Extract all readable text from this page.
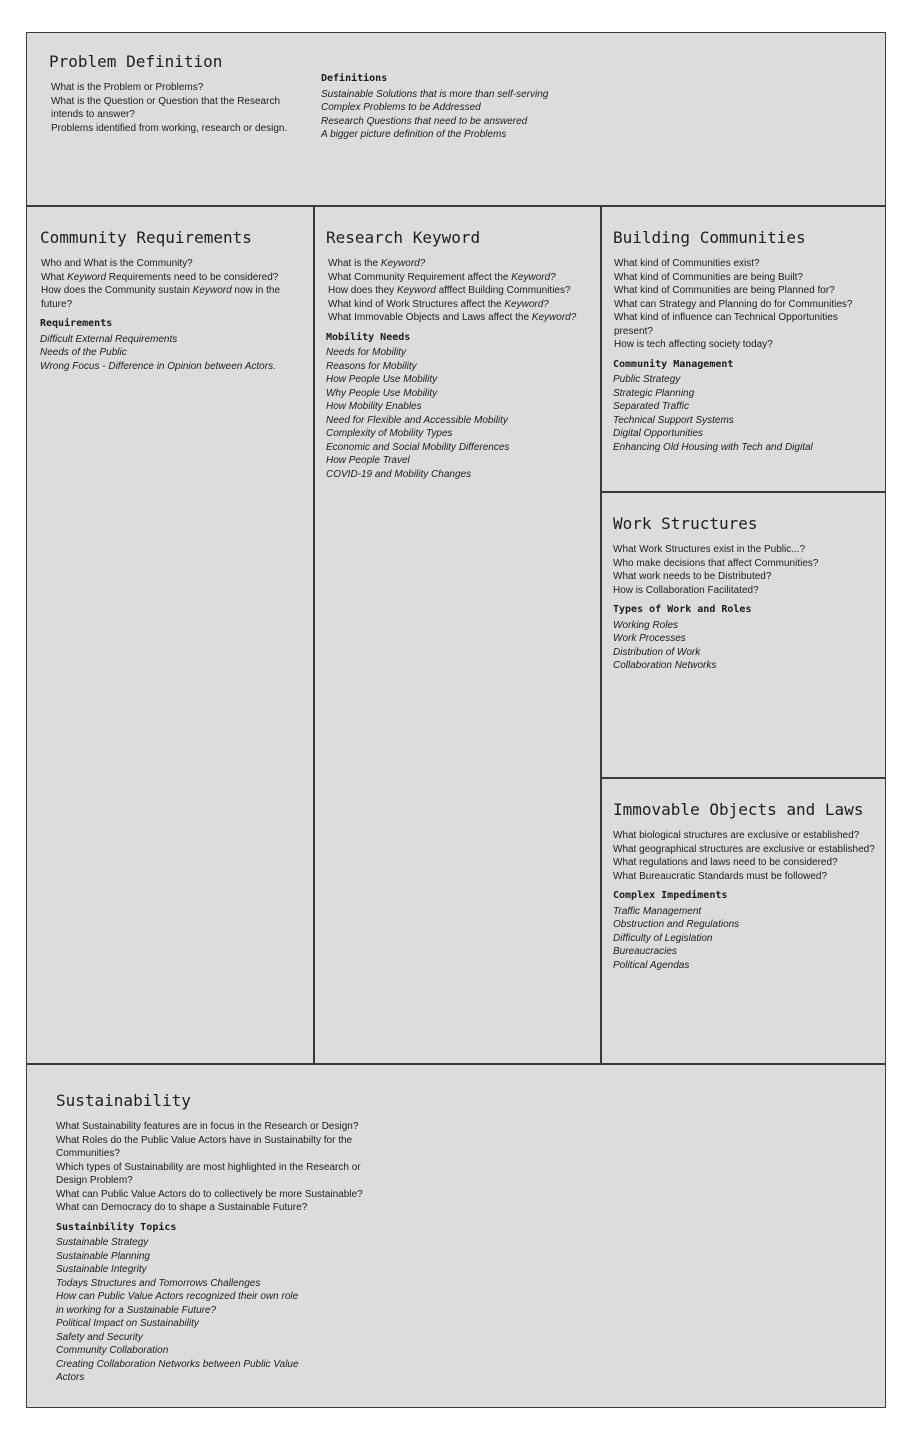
Problem Definition
What is the Problem or Problems?
What is the Question or Question that the Research
intends to answer?
Problems identified from working, research or design.
Definitions
Sustainable Solutions that is more than self-serving
Complex Problems to be Addressed
Research Questions that need to be answered
A bigger picture definition of the Problems
Community Requirements
Who and What is the Community?
What Keyword Requirements need to be considered?
How does the Community sustain Keyword now in the future?
Requirements
Difficult External Requirements
Needs of the Public
Wrong Focus - Difference in Opinion between Actors.
Research Keyword
What is the Keyword?
What Community Requirement affect the Keyword?
How does they Keyword afffect Building Communities?
What kind of Work Structures affect the Keyword?
What Immovable Objects and Laws affect the Keyword?
Mobility Needs
Needs for Mobility
Reasons for Mobility
How People Use Mobility
Why People Use Mobility
How Mobility Enables
Need for Flexible and Accessible Mobility
Complexity of Mobility Types
Economic and Social Mobility Differences
How People Travel
COVID-19 and Mobility Changes
Building Communities
What kind of Communities exist?
What kind of Communities are being Built?
What kind of Communities are being Planned for?
What can Strategy and Planning do for Communities?
What kind of influence can Technical Opportunities present?
How is tech affecting society today?
Community Management
Public Strategy
Strategic Planning
Separated Traffic
Technical Support Systems
Digital Opportunities
Enhancing Old Housing with Tech and Digital
Work Structures
What Work Structures exist in the Public...?
Who make decisions that affect Communities?
What work needs to be Distributed?
How is Collaboration Facilitated?
Types of Work and Roles
Working Roles
Work Processes
Distribution of Work
Collaboration Networks
Immovable Objects and Laws
What biological structures are exclusive or established?
What geographical structures are exclusive or established?
What regulations and laws need to be considered?
What Bureaucratic Standards must be followed?
Complex Impediments
Traffic Management
Obstruction and Regulations
Difficulty of Legislation
Bureaucracies
Political Agendas
Sustainability
What Sustainability features are in focus in the Research or Design?
What Roles do the Public Value Actors have in Sustainabilty for the Communities?
Which types of Sustainability are most highlighted in the Research or Design Problem?
What can Public Value Actors do to collectively be more Sustainable?
What can Democracy do to shape a Sustainable Future?
Sustainbility Topics
Sustainable Strategy
Sustainable Planning
Sustainable Integrity
Todays Structures and Tomorrows Challenges
How can Public Value Actors recognized their own role in working for a Sustainable Future?
Political Impact on Sustainability
Safety and Security
Community Collaboration
Creating Collaboration Networks between Public Value Actors
